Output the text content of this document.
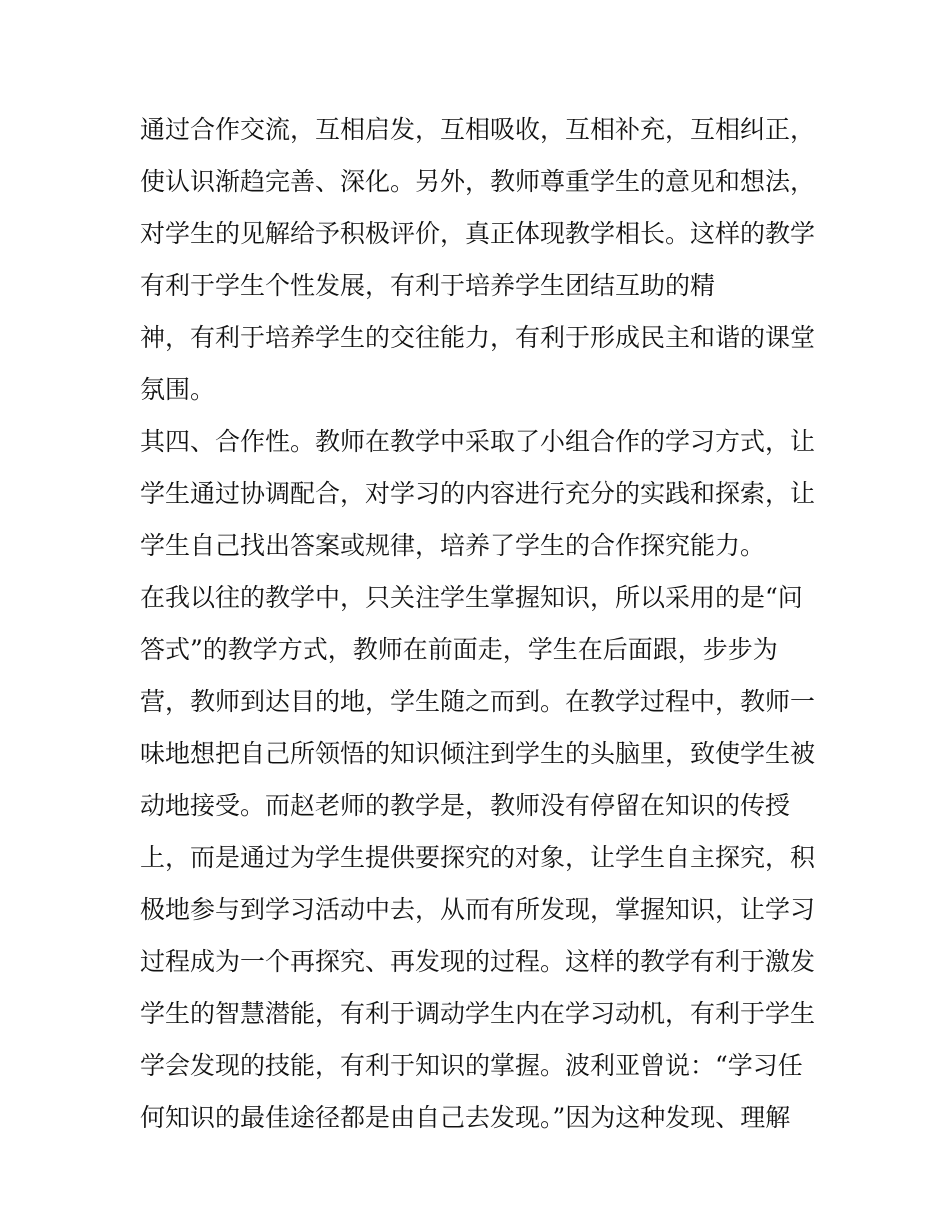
通过合作交流，互相启发，互相吸收，互相补充，互相纠正，
使认识渐趋完善、深化。另外，教师尊重学生的意见和想法，
对学生的见解给予积极评价，真正体现教学相长。这样的教学
有利于学生个性发展，有利于培养学生团结互助的精
神，有利于培养学生的交往能力，有利于形成民主和谐的课堂
氛围。
其四、合作性。教师在教学中采取了小组合作的学习方式，让
学生通过协调配合，对学习的内容进行充分的实践和探索，让
学生自己找出答案或规律，培养了学生的合作探究能力。
在我以往的教学中，只关注学生掌握知识，所以采用的是“问
答式”的教学方式，教师在前面走，学生在后面跟，步步为
营，教师到达目的地，学生随之而到。在教学过程中，教师一
味地想把自己所领悟的知识倾注到学生的头脑里，致使学生被
动地接受。而赵老师的教学是，教师没有停留在知识的传授
上，而是通过为学生提供要探究的对象，让学生自主探究，积
极地参与到学习活动中去，从而有所发现，掌握知识，让学习
过程成为一个再探究、再发现的过程。这样的教学有利于激发
学生的智慧潜能，有利于调动学生内在学习动机，有利于学生
学会发现的技能，有利于知识的掌握。波利亚曾说：“学习任
何知识的最佳途径都是由自己去发现。”因为这种发现、理解
